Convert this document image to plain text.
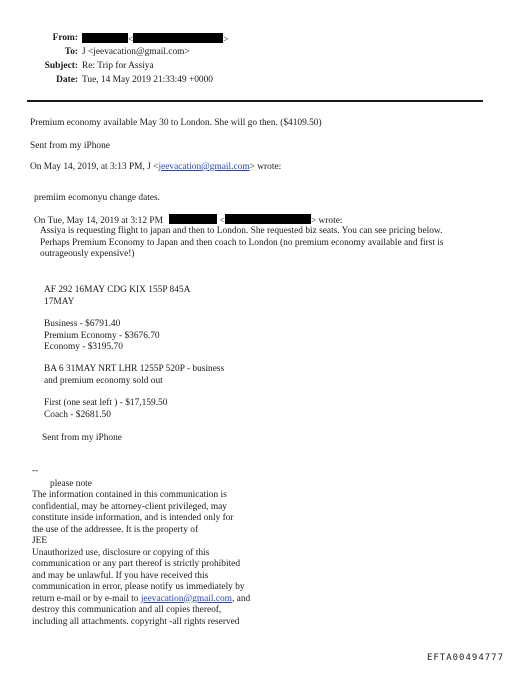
From:	<	>
To: J <jeevacation@gmail.com>
Subject: Re: Trip for Assiya
Date: Tue, 14 May 2019 21:33:49 +0000
Premium economy available May 30 to London. She will go then. ($4109.50)
Sent from my iPhone
On May 14, 2019, at 3:13 PM, J <jeevacation@gmail.com> wrote:
premiim ecomonyu change dates.
On Tue, May 14, 2019 at 3:12 PM	<	> wrote:
Assiya is requesting flight to japan and then to London. She requested biz seats. You can see pricing below.
Perhaps Premium Economy to Japan and then coach to London (no premium economy available and first is
outrageously expensive!)
AF 292 16MAY CDG KIX 155P 845A
17MAY
Business - $6791.40
Premium Economy - $3676.70
Economy - $3195.70
BA 6 31MAY NRT LHR 1255P 520P - business
and premium economy sold out
First (one seat left ) - $17,159.50
Coach - $2681.50
Sent from my iPhone
--
please note
The information contained in this communication is
confidential, may be attorney-client privileged, may
constitute inside information, and is intended only for
the use of the addressee. It is the property of
JEE
Unauthorized use, disclosure or copying of this
communication or any part thereof is strictly prohibited
and may be unlawful. If you have received this
communication in error, please notify us immediately by
return e-mail or by e-mail to jeevacation@gmail.com, and
destroy this communication and all copies thereof,
including all attachments. copyright -all rights reserved
EFTA00494777
